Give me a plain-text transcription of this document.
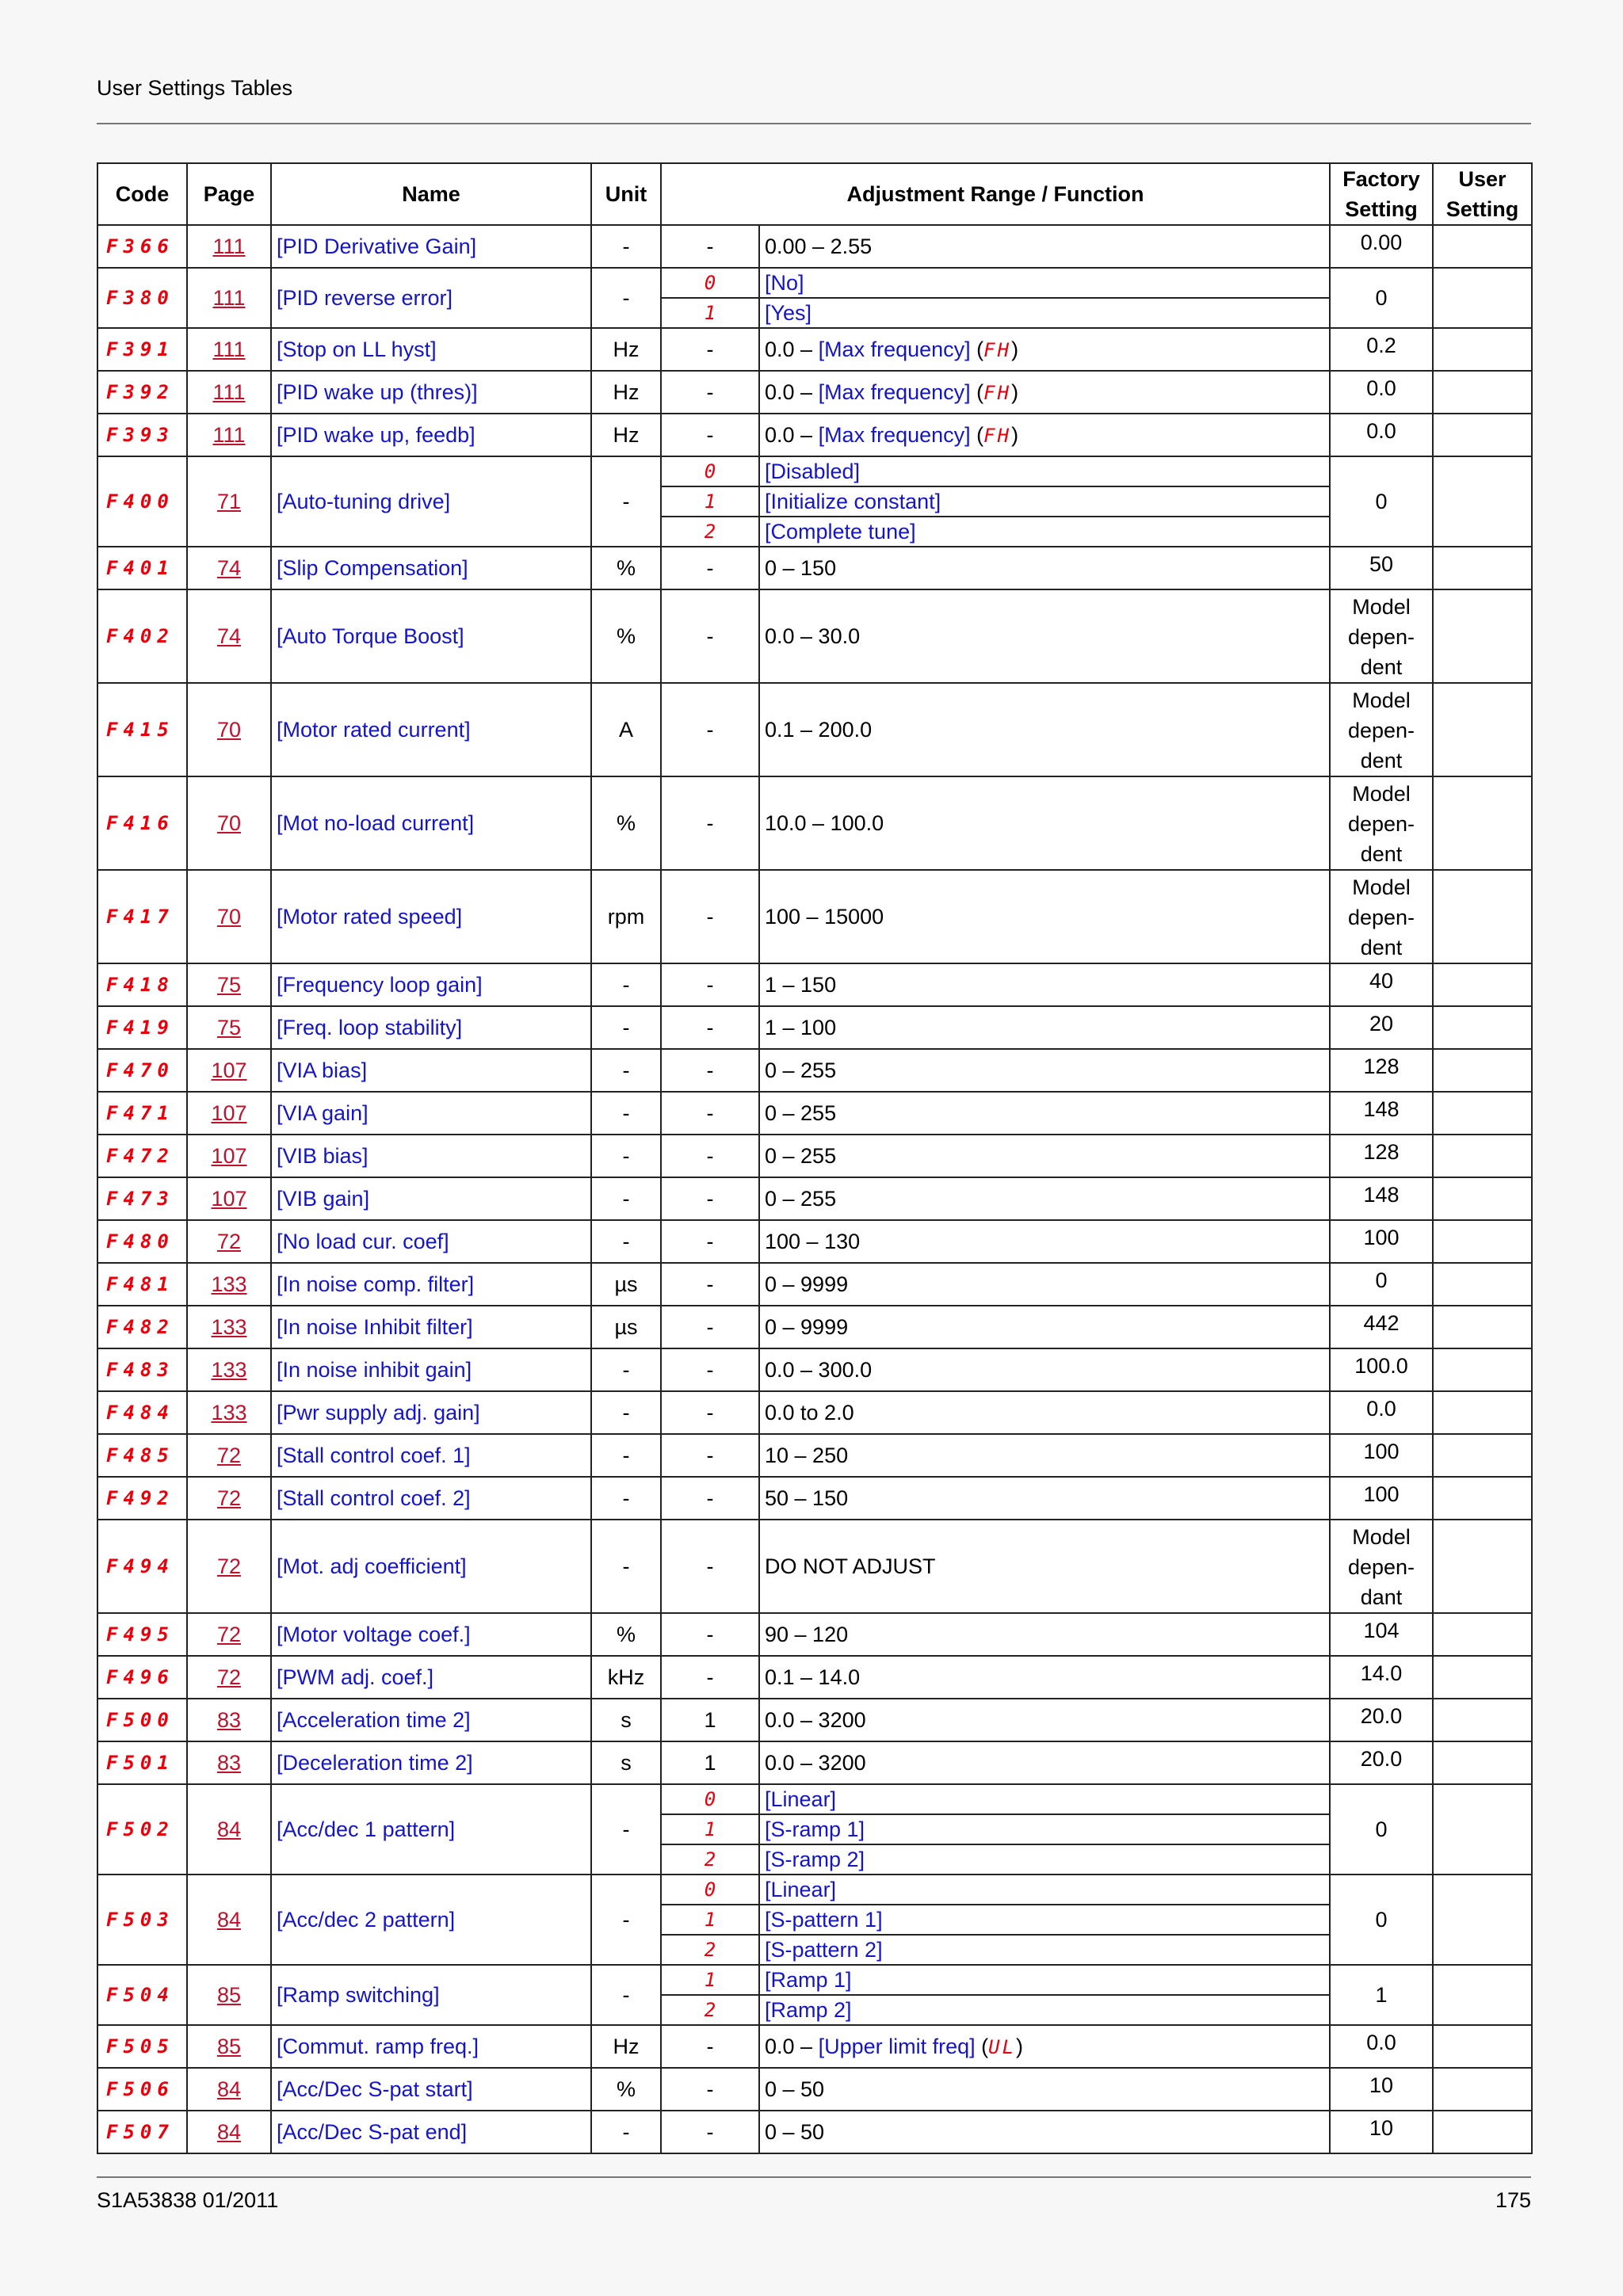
User Settings Tables
Code	Page	Name	Unit	Adjustment Range / Function		Factory
Setting	User
Setting
F366	111	[PID Derivative Gain]	-	-	0.00 – 2.55	0.00	
F380	111	[PID reverse error]	-	0	[No]	0	
				1	[Yes]		
F391	111	[Stop on LL hyst]	Hz	-	0.0 – [Max frequency] (FH)	0.2	
F392	111	[PID wake up (thres)]	Hz	-	0.0 – [Max frequency] (FH)	0.0	
F393	111	[PID wake up, feedb]	Hz	-	0.0 – [Max frequency] (FH)	0.0	
F400	71	[Auto-tuning drive]	-	0	[Disabled]	0	
				1	[Initialize constant]		
				2	[Complete tune]		
F401	74	[Slip Compensation]	%	-	0 – 150	50	
F402	74	[Auto Torque Boost]	%	-	0.0 – 30.0	Model
depen-
dent	
F415	70	[Motor rated current]	A	-	0.1 – 200.0	Model
depen-
dent	
F416	70	[Mot no-load current]	%	-	10.0 – 100.0	Model
depen-
dent	
F417	70	[Motor rated speed]	rpm	-	100 – 15000	Model
depen-
dent	
F418	75	[Frequency loop gain]	-	-	1 – 150	40	
F419	75	[Freq. loop stability]	-	-	1 – 100	20	
F470	107	[VIA bias]	-	-	0 – 255	128	
F471	107	[VIA gain]	-	-	0 – 255	148	
F472	107	[VIB bias]	-	-	0 – 255	128	
F473	107	[VIB gain]	-	-	0 – 255	148	
F480	72	[No load cur. coef]	-	-	100 – 130	100	
F481	133	[In noise comp. filter]	µs	-	0 – 9999	0	
F482	133	[In noise Inhibit filter]	µs	-	0 – 9999	442	
F483	133	[In noise inhibit gain]	-	-	0.0 – 300.0	100.0	
F484	133	[Pwr supply adj. gain]	-	-	0.0 to 2.0	0.0	
F485	72	[Stall control coef. 1]	-	-	10 – 250	100	
F492	72	[Stall control coef. 2]	-	-	50 – 150	100	
F494	72	[Mot. adj coefficient]	-	-	DO NOT ADJUST	Model
depen-
dant	
F495	72	[Motor voltage coef.]	%	-	90 – 120	104	
F496	72	[PWM adj. coef.]	kHz	-	0.1 – 14.0	14.0	
F500	83	[Acceleration time 2]	s	1	0.0 – 3200	20.0	
F501	83	[Deceleration time 2]	s	1	0.0 – 3200	20.0	
F502	84	[Acc/dec 1 pattern]	-	0	[Linear]	0	
				1	[S-ramp 1]		
				2	[S-ramp 2]		
F503	84	[Acc/dec 2 pattern]	-	0	[Linear]	0	
				1	[S-pattern 1]		
				2	[S-pattern 2]		
F504	85	[Ramp switching]	-	1	[Ramp 1]	1	
				2	[Ramp 2]		
F505	85	[Commut. ramp freq.]	Hz	-	0.0 – [Upper limit freq] (UL)	0.0	
F506	84	[Acc/Dec S-pat start]	%	-	0 – 50	10	
F507	84	[Acc/Dec S-pat end]	-	-	0 – 50	10	
S1A53838 01/2011	175
